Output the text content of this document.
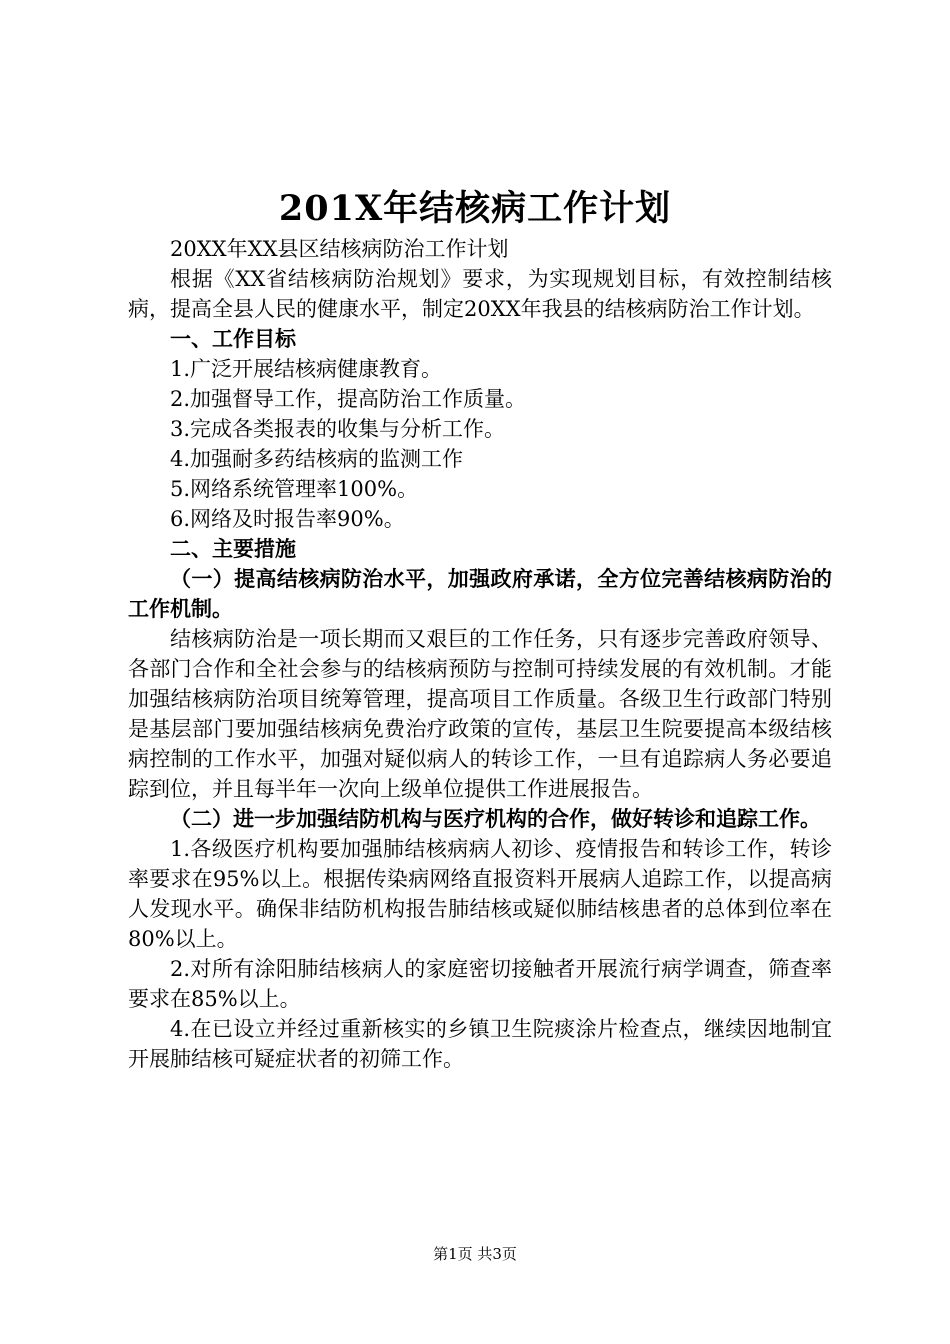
201X年结核病工作计划

20XX年XX县区结核病防治工作计划

根据《XX省结核病防治规划》要求，为实现规划目标，有效控制结核病，提高全县人民的健康水平，制定20XX年我县的结核病防治工作计划。

一、工作目标

1.广泛开展结核病健康教育。

2.加强督导工作，提高防治工作质量。

3.完成各类报表的收集与分析工作。

4.加强耐多药结核病的监测工作

5.网络系统管理率100%。

6.网络及时报告率90%。

二、主要措施

（一）提高结核病防治水平，加强政府承诺，全方位完善结核病防治的工作机制。

结核病防治是一项长期而又艰巨的工作任务，只有逐步完善政府领导、各部门合作和全社会参与的结核病预防与控制可持续发展的有效机制。才能加强结核病防治项目统筹管理，提高项目工作质量。各级卫生行政部门特别是基层部门要加强结核病免费治疗政策的宣传，基层卫生院要提高本级结核病控制的工作水平，加强对疑似病人的转诊工作，一旦有追踪病人务必要追踪到位，并且每半年一次向上级单位提供工作进展报告。

（二）进一步加强结防机构与医疗机构的合作，做好转诊和追踪工作。

1.各级医疗机构要加强肺结核病病人初诊、疫情报告和转诊工作，转诊率要求在95%以上。根据传染病网络直报资料开展病人追踪工作，以提高病人发现水平。确保非结防机构报告肺结核或疑似肺结核患者的总体到位率在80%以上。

2.对所有涂阳肺结核病人的家庭密切接触者开展流行病学调查，筛查率要求在85%以上。

4.在已设立并经过重新核实的乡镇卫生院痰涂片检查点，继续因地制宜开展肺结核可疑症状者的初筛工作。

第1页 共3页
